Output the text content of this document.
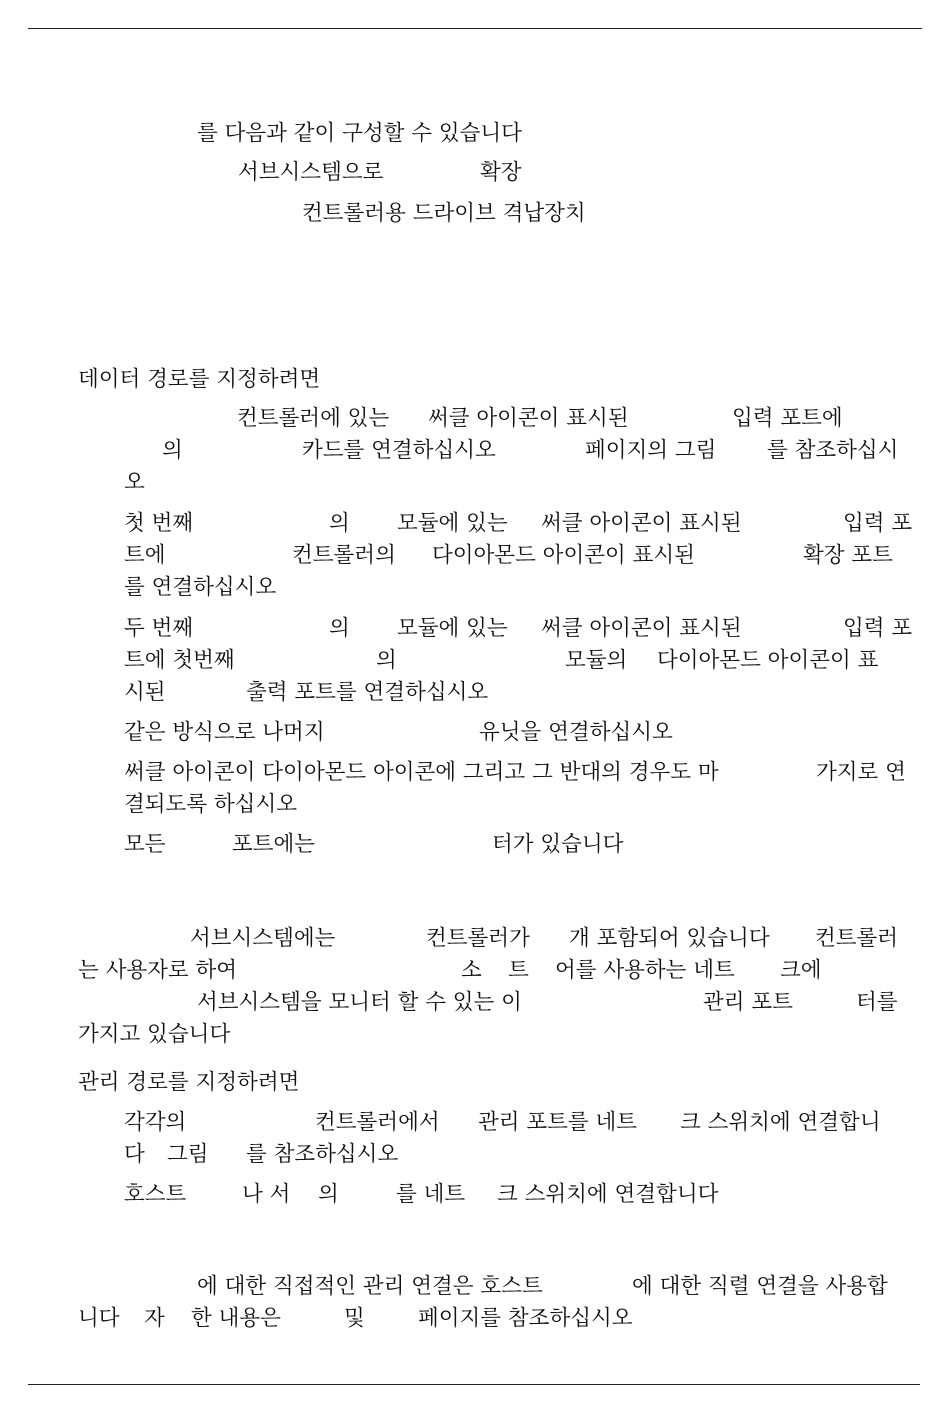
를 다음과 같이 구성할 수 있습니다
서브시스템으로	확장
컨트롤러용 드라이브 격납장치
데이터 경로를 지정하려면
컨트롤러에 있는 써클 아이콘이 표시된	입력 포트에
의	카드를 연결하십시오	페이지의 그림 를 참조하십시
오
첫 번째	의 모듈에 있는 써클 아이콘이 표시된	입력 포
트에	컨트롤러의 다이아몬드 아이콘이 표시된	확장 포트
를 연결하십시오
두 번째	의 모듈에 있는 써클 아이콘이 표시된	입력 포
트에 첫번째	의	모듈의 다이아몬드 아이콘이 표
시된	출력 포트를 연결하십시오
같은 방식으로 나머지	유닛을 연결하십시오
써클 아이콘이 다이아몬드 아이콘에 그리고 그 반대의 경우도 마	가지로 연
결되도록 하십시오
모든	포트에는	터가 있습니다
서브시스템에는	컨트롤러가 개 포함되어 있습니다 컨트롤러
는 사용자로 하여	소 트 어를 사용하는 네트 크에
서브시스템을 모니터 할 수 있는 이	관리 포트	터를
가지고 있습니다
관리 경로를 지정하려면
각각의	컨트롤러에서 관리 포트를 네트 크 스위치에 연결합니
다 그림 를 참조하십시오
호스트	나 서 의	를 네트 크 스위치에 연결합니다
에 대한 직접적인 관리 연결은 호스트	에 대한 직렬 연결을 사용합
니다 자 한 내용은	및 페이지를 참조하십시오
